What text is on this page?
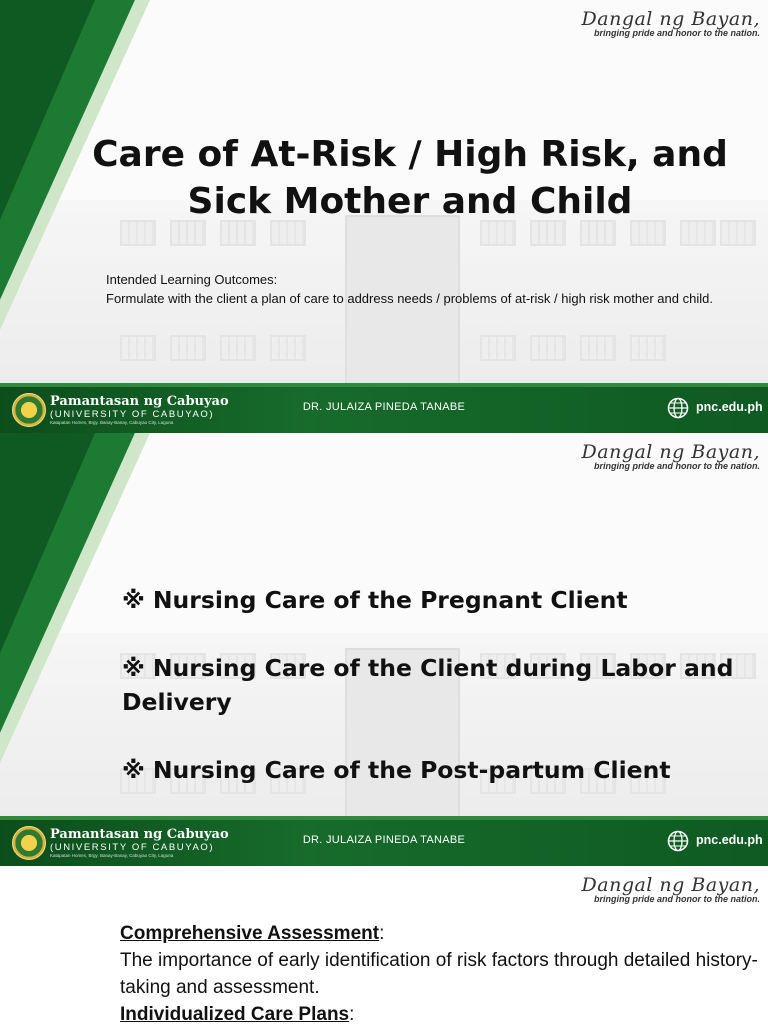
Dangal ng Bayan,
bringing pride and honor to the nation.
Care of At-Risk / High Risk, and
Sick Mother and Child
Intended Learning Outcomes:
Formulate with the client a plan of care to address needs / problems of at-risk / high risk mother and child.
Pamantasan ng Cabuyao
(UNIVERSITY OF CABUYAO)
Katapatan Homes, Brgy. Banay-Banay, Cabuyao City, Laguna
DR. JULAIZA PINEDA TANABE	pnc.edu.ph
Dangal ng Bayan,
bringing pride and honor to the nation.
※ Nursing Care of the Pregnant Client
※ Nursing Care of the Client during Labor and Delivery
※ Nursing Care of the Post-partum Client
Pamantasan ng Cabuyao
(UNIVERSITY OF CABUYAO)
Katapatan Homes, Brgy. Banay-Banay, Cabuyao City, Laguna
DR. JULAIZA PINEDA TANABE	pnc.edu.ph
Dangal ng Bayan,
bringing pride and honor to the nation.
Comprehensive Assessment:
The importance of early identification of risk factors through detailed history-taking and assessment.
Individualized Care Plans:
